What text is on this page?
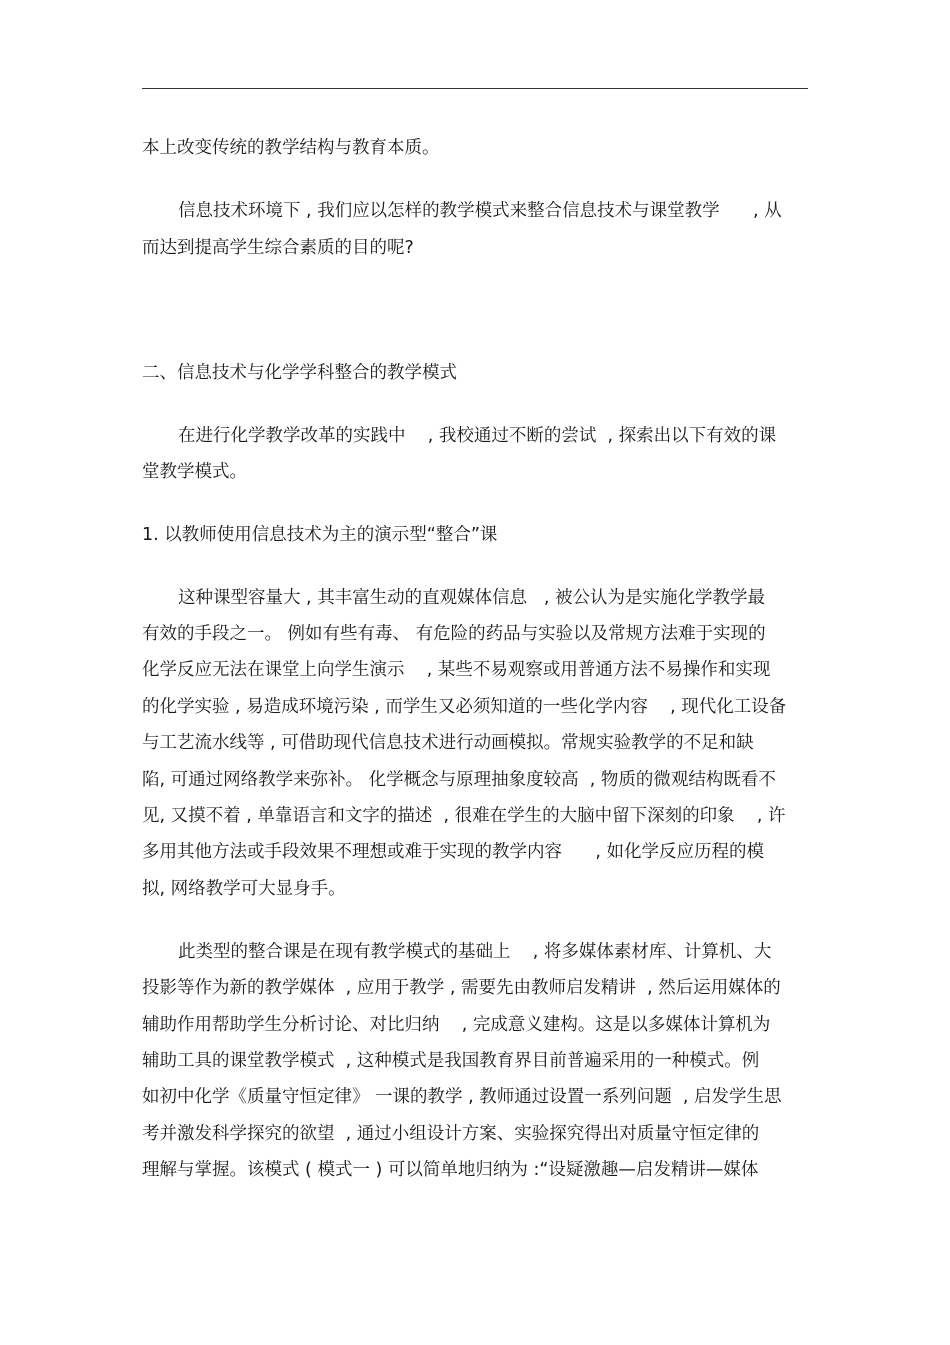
本上改变传统的教学结构与教育本质。
信息技术环境下 , 我们应以怎样的教学模式来整合信息技术与课堂教学      , 从
而达到提高学生综合素质的目的呢?
二、信息技术与化学学科整合的教学模式
在进行化学教学改革的实践中    , 我校通过不断的尝试  , 探索出以下有效的课
堂教学模式。
1. 以教师使用信息技术为主的演示型“整合”课
这种课型容量大 , 其丰富生动的直观媒体信息   , 被公认为是实施化学教学最
有效的手段之一。 例如有些有毒、 有危险的药品与实验以及常规方法难于实现的
化学反应无法在课堂上向学生演示    , 某些不易观察或用普通方法不易操作和实现
的化学实验 , 易造成环境污染 , 而学生又必须知道的一些化学内容    , 现代化工设备
与工艺流水线等 , 可借助现代信息技术进行动画模拟。常规实验教学的不足和缺
陷, 可通过网络教学来弥补。 化学概念与原理抽象度较高  , 物质的微观结构既看不
见, 又摸不着 , 单靠语言和文字的描述  , 很难在学生的大脑中留下深刻的印象    , 许
多用其他方法或手段效果不理想或难于实现的教学内容      , 如化学反应历程的模
拟, 网络教学可大显身手。
此类型的整合课是在现有教学模式的基础上    , 将多媒体素材库、计算机、大
投影等作为新的教学媒体  , 应用于教学 , 需要先由教师启发精讲  , 然后运用媒体的
辅助作用帮助学生分析讨论、对比归纳    , 完成意义建构。这是以多媒体计算机为
辅助工具的课堂教学模式  , 这种模式是我国教育界目前普遍采用的一种模式。例
如初中化学《质量守恒定律》 一课的教学 , 教师通过设置一系列问题  , 启发学生思
考并激发科学探究的欲望  , 通过小组设计方案、实验探究得出对质量守恒定律的
理解与掌握。该模式 ( 模式一 ) 可以简单地归纳为 :“设疑激趣—启发精讲—媒体
